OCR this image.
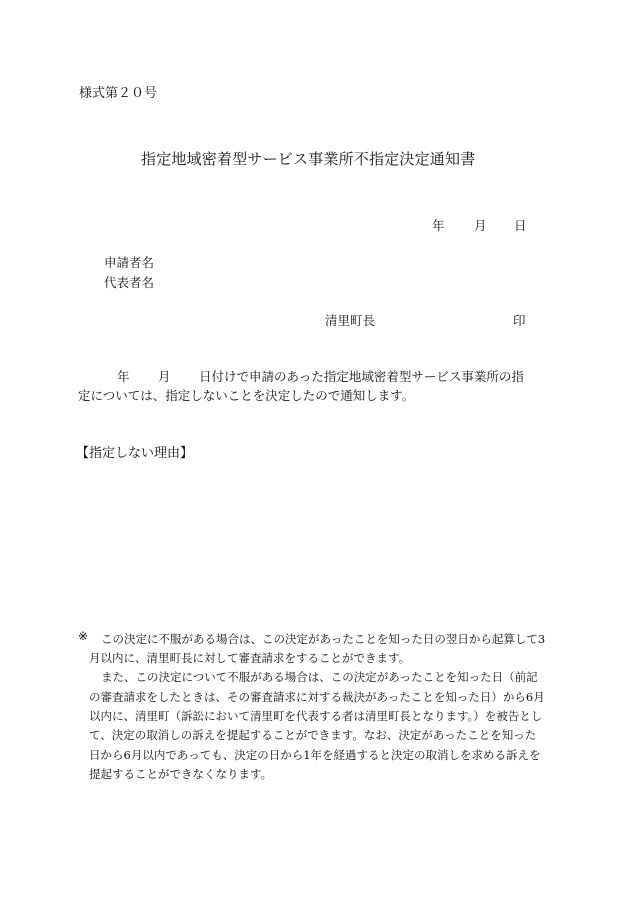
様式第２０号

指定地域密着型サービス事業所不指定決定通知書
年 月 日
申請者名
代表者名
清里町長	印
年 月 日付けで申請のあった指定地域密着型サービス事業所の指
定については、指定しないことを決定したので通知します。
【指定しない理由】
※ この決定に不服がある場合は、この決定があったことを知った日の翌日から起算して3
月以内に、清里町長に対して審査請求をすることができます。
また、この決定について不服がある場合は、この決定があったことを知った日（前記
の審査請求をしたときは、その審査請求に対する裁決があったことを知った日）から6月
以内に、清里町（訴訟において清里町を代表する者は清里町長となります。）を被告とし
て、決定の取消しの訴えを提起することができます。なお、決定があったことを知った
日から6月以内であっても、決定の日から1年を経過すると決定の取消しを求める訴えを
提起することができなくなります。
